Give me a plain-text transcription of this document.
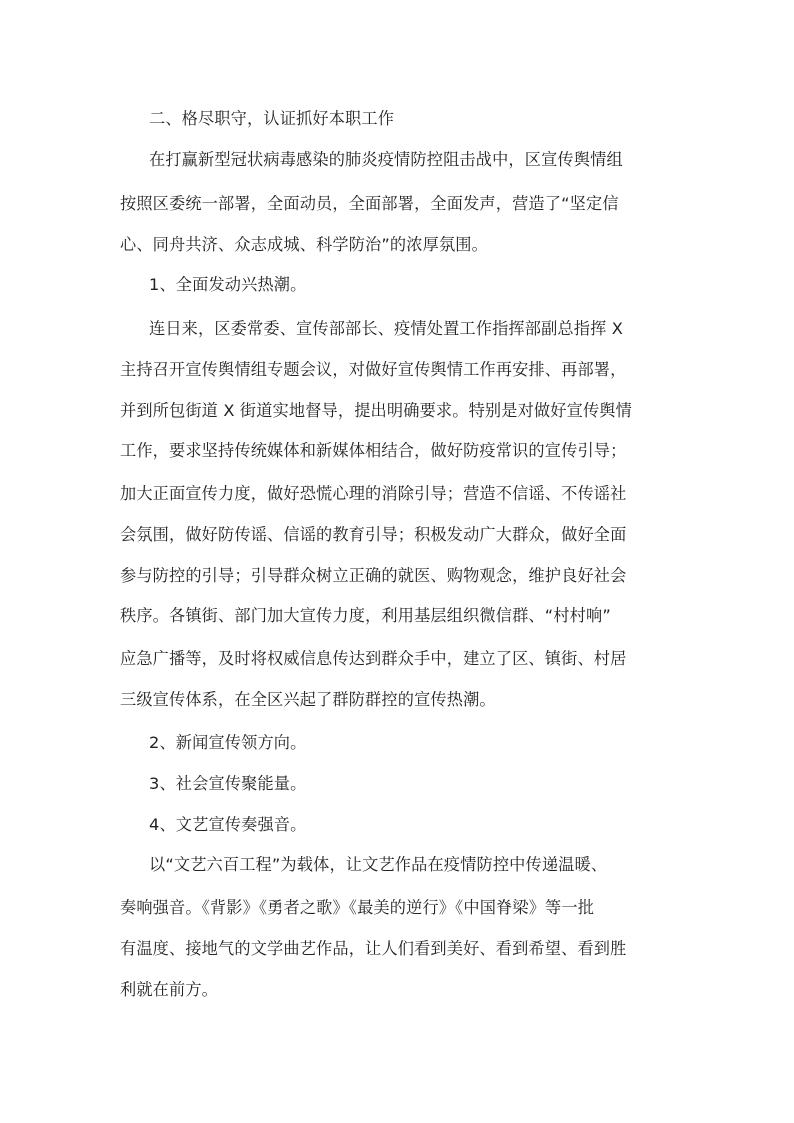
二、格尽职守，认证抓好本职工作
在打赢新型冠状病毒感染的肺炎疫情防控阻击战中，区宣传舆情组
按照区委统一部署，全面动员，全面部署，全面发声，营造了“坚定信
心、同舟共济、众志成城、科学防治”的浓厚氛围。
1、全面发动兴热潮。
连日来，区委常委、宣传部部长、疫情处置工作指挥部副总指挥 X
主持召开宣传舆情组专题会议，对做好宣传舆情工作再安排、再部署，
并到所包街道 X 街道实地督导，提出明确要求。特别是对做好宣传舆情
工作，要求坚持传统媒体和新媒体相结合，做好防疫常识的宣传引导；
加大正面宣传力度，做好恐慌心理的消除引导；营造不信谣、不传谣社
会氛围，做好防传谣、信谣的教育引导；积极发动广大群众，做好全面
参与防控的引导；引导群众树立正确的就医、购物观念，维护良好社会
秩序。各镇街、部门加大宣传力度，利用基层组织微信群、“村村响”
应急广播等，及时将权威信息传达到群众手中，建立了区、镇街、村居
三级宣传体系，在全区兴起了群防群控的宣传热潮。
2、新闻宣传领方向。
3、社会宣传聚能量。
4、文艺宣传奏强音。
以“文艺六百工程”为载体，让文艺作品在疫情防控中传递温暖、
奏响强音。《背影》《勇者之歌》《最美的逆行》《中国脊梁》等一批
有温度、接地气的文学曲艺作品，让人们看到美好、看到希望、看到胜
利就在前方。
